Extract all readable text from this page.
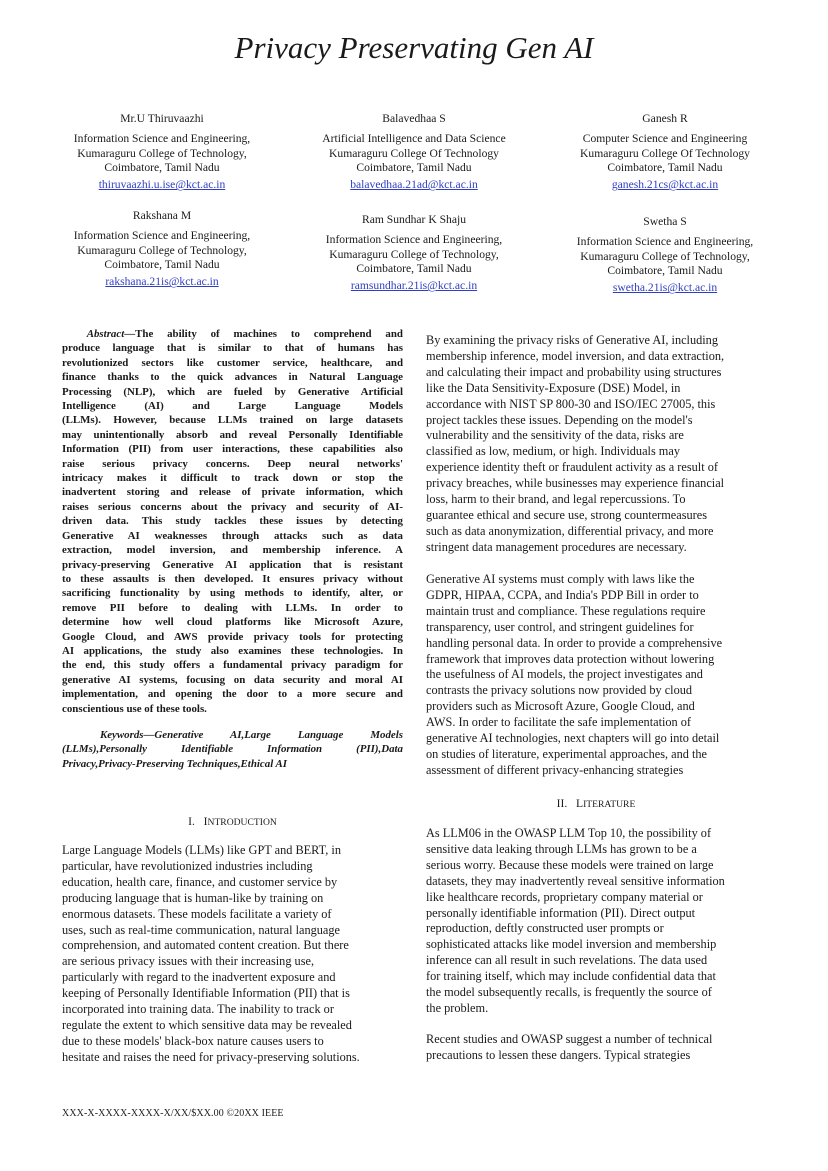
Privacy Preservating Gen AI
Mr.U Thiruvaazhi
Information Science and Engineering,
Kumaraguru College of Technology,
Coimbatore, Tamil Nadu
thiruvaazhi.u.ise@kct.ac.in
Balavedhaa S
Artificial Intelligence and Data Science
Kumaraguru College Of Technology
Coimbatore, Tamil Nadu
balavedhaa.21ad@kct.ac.in
Ganesh R
Computer Science and Engineering
Kumaraguru College Of Technology
Coimbatore, Tamil Nadu
ganesh.21cs@kct.ac.in
Rakshana M
Information Science and Engineering,
Kumaraguru College of Technology,
Coimbatore, Tamil Nadu
rakshana.21is@kct.ac.in
Ram Sundhar K Shaju
Information Science and Engineering,
Kumaraguru College of Technology,
Coimbatore, Tamil Nadu
ramsundhar.21is@kct.ac.in
Swetha S
Information Science and Engineering,
Kumaraguru College of Technology,
Coimbatore, Tamil Nadu
swetha.21is@kct.ac.in
  Abstract—The ability of machines to comprehend and
produce language that is similar to that of humans has
revolutionized sectors like customer service, healthcare, and
finance thanks to the quick advances in Natural Language
Processing (NLP), which are fueled by Generative Artificial
Intelligence (AI) and Large Language Models
(LLMs). However, because LLMs trained on large datasets
may unintentionally absorb and reveal Personally Identifiable
Information (PII) from user interactions, these capabilities also
raise serious privacy concerns. Deep neural networks'
intricacy makes it difficult to track down or stop the
inadvertent storing and release of private information, which
raises serious concerns about the privacy and security of AI-
driven data. This study tackles these issues by detecting
Generative AI weaknesses through attacks such as data
extraction, model inversion, and membership inference. A
privacy-preserving Generative AI application that is resistant
to these assaults is then developed. It ensures privacy without
sacrificing functionality by using methods to identify, alter, or
remove PII before to dealing with LLMs. In order to
determine how well cloud platforms like Microsoft Azure,
Google Cloud, and AWS provide privacy tools for protecting
AI applications, the study also examines these technologies. In
the end, this study offers a fundamental privacy paradigm for
generative AI systems, focusing on data security and moral AI
implementation, and opening the door to a more secure and
conscientious use of these tools.
  Keywords—Generative AI,Large Language Models
(LLMs),Personally Identifiable Information (PII),Data
Privacy,Privacy-Preserving Techniques,Ethical AI
By examining the privacy risks of Generative AI, including
membership inference, model inversion, and data extraction,
and calculating their impact and probability using structures
like the Data Sensitivity-Exposure (DSE) Model, in
accordance with NIST SP 800-30 and ISO/IEC 27005, this
project tackles these issues. Depending on the model's
vulnerability and the sensitivity of the data, risks are
classified as low, medium, or high. Individuals may
experience identity theft or fraudulent activity as a result of
privacy breaches, while businesses may experience financial
loss, harm to their brand, and legal repercussions. To
guarantee ethical and secure use, strong countermeasures
such as data anonymization, differential privacy, and more
stringent data management procedures are necessary.
Generative AI systems must comply with laws like the
GDPR, HIPAA, CCPA, and India's PDP Bill in order to
maintain trust and compliance. These regulations require
transparency, user control, and stringent guidelines for
handling personal data. In order to provide a comprehensive
framework that improves data protection without lowering
the usefulness of AI models, the project investigates and
contrasts the privacy solutions now provided by cloud
providers such as Microsoft Azure, Google Cloud, and
AWS. In order to facilitate the safe implementation of
generative AI technologies, next chapters will go into detail
on studies of literature, experimental approaches, and the
assessment of different privacy-enhancing strategies
I. INTRODUCTION
II. LITERATURE
Large Language Models (LLMs) like GPT and BERT, in
particular, have revolutionized industries including
education, health care, finance, and customer service by
producing language that is human-like by training on
enormous datasets. These models facilitate a variety of
uses, such as real-time communication, natural language
comprehension, and automated content creation. But there
are serious privacy issues with their increasing use,
particularly with regard to the inadvertent exposure and
keeping of Personally Identifiable Information (PII) that is
incorporated into training data. The inability to track or
regulate the extent to which sensitive data may be revealed
due to these models' black-box nature causes users to
hesitate and raises the need for privacy-preserving solutions.
As LLM06 in the OWASP LLM Top 10, the possibility of
sensitive data leaking through LLMs has grown to be a
serious worry. Because these models were trained on large
datasets, they may inadvertently reveal sensitive information
like healthcare records, proprietary company material or
personally identifiable information (PII). Direct output
reproduction, deftly constructed user prompts or
sophisticated attacks like model inversion and membership
inference can all result in such revelations. The data used
for training itself, which may include confidential data that
the model subsequently recalls, is frequently the source of
the problem.
Recent studies and OWASP suggest a number of technical
precautions to lessen these dangers. Typical strategies
XXX-X-XXXX-XXXX-X/XX/$XX.00 ©20XX IEEE
